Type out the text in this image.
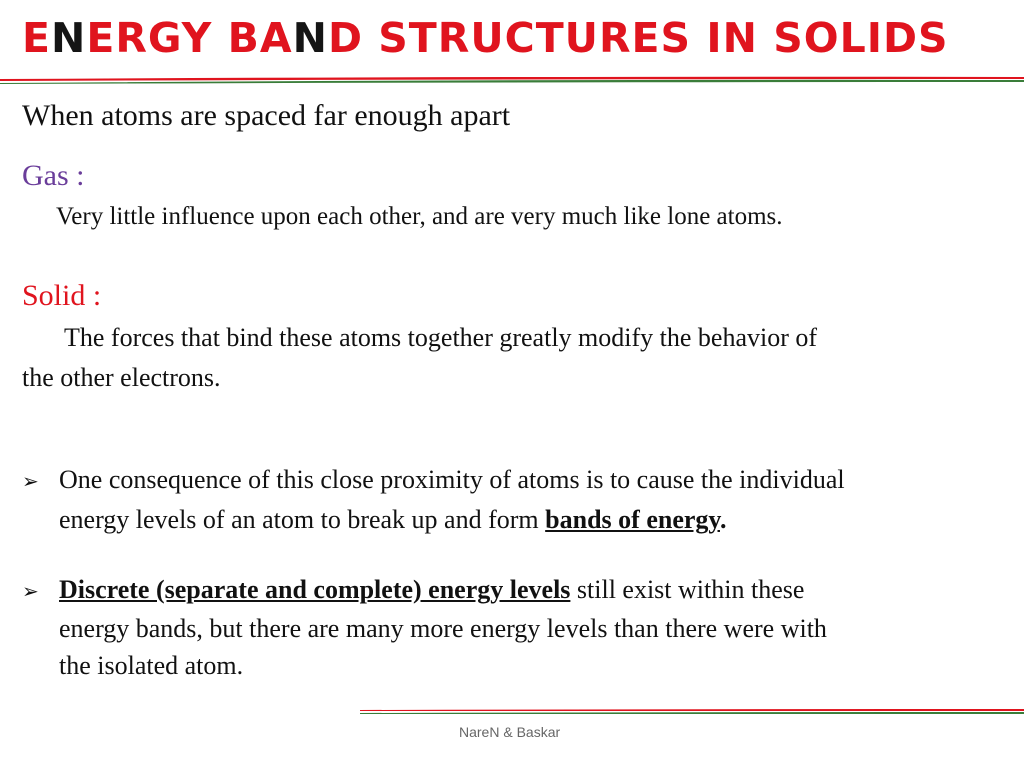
ENERGY BAND STRUCTURES IN SOLIDS
When atoms are spaced far enough apart
Gas :
Very little influence upon each other, and are very much like lone atoms.
Solid :
The forces that bind these atoms together greatly modify the behavior of
the other electrons.
➢ One consequence of this close proximity of atoms is to cause the individual
energy levels of an atom to break up and form bands of energy.
➢ Discrete (separate and complete) energy levels still exist within these
energy bands, but there are many more energy levels than there were with
the isolated atom.
NareN & Baskar
